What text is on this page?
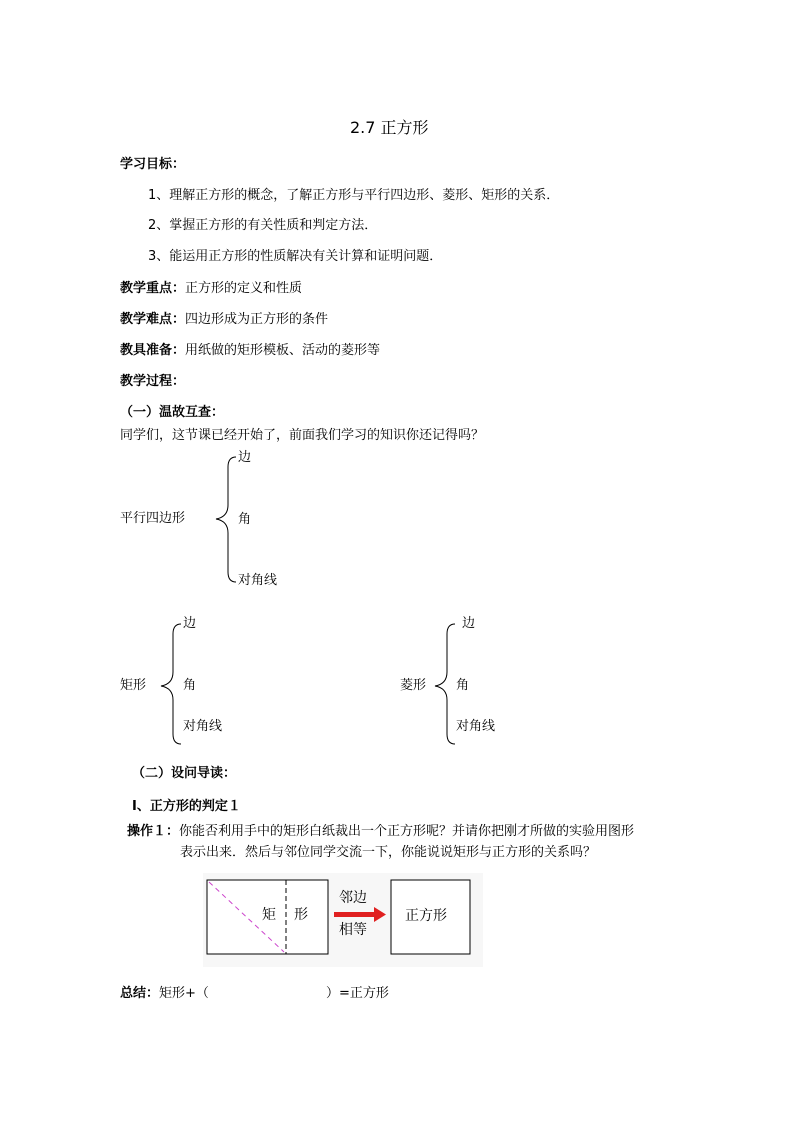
2.7 正方形
学习目标：
1、理解正方形的概念，了解正方形与平行四边形、菱形、矩形的关系．
2、掌握正方形的有关性质和判定方法．
3、能运用正方形的性质解决有关计算和证明问题．
教学重点：正方形的定义和性质
教学难点：四边形成为正方形的条件
教具准备：用纸做的矩形模板、活动的菱形等
教学过程：
（一）温故互查：
同学们，这节课已经开始了，前面我们学习的知识你还记得吗？
平行四边形
边
角
对角线
矩形
边
角
对角线
菱形
边
角
对角线
（二）设问导读：
Ⅰ、正方形的判定１
操作１：你能否利用手中的矩形白纸裁出一个正方形呢？并请你把刚才所做的实验用图形
表示出来．然后与邻位同学交流一下，你能说说矩形与正方形的关系吗？
矩 形
邻边
相等
正方形
总结：矩形+（	）=正方形
